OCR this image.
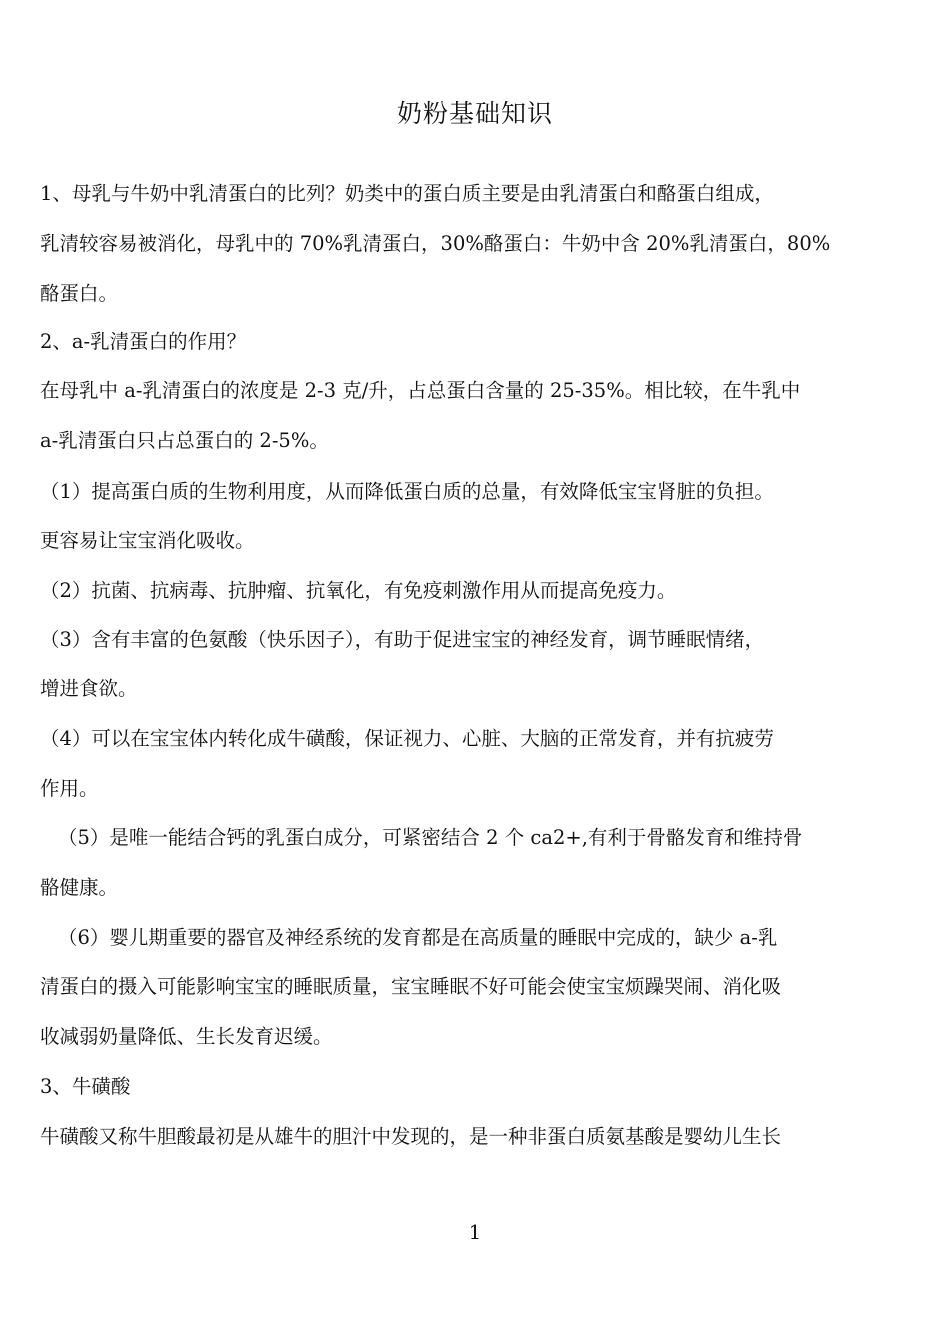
奶粉基础知识
1、母乳与牛奶中乳清蛋白的比列？奶类中的蛋白质主要是由乳清蛋白和酪蛋白组成，
乳清较容易被消化，母乳中的 70%乳清蛋白，30%酪蛋白：牛奶中含 20%乳清蛋白，80%
酪蛋白。
2、a-乳清蛋白的作用？
在母乳中 a-乳清蛋白的浓度是 2-3 克/升，占总蛋白含量的 25-35%。相比较，在牛乳中
a-乳清蛋白只占总蛋白的 2-5%。
（1）提高蛋白质的生物利用度，从而降低蛋白质的总量，有效降低宝宝肾脏的负担。
更容易让宝宝消化吸收。
（2）抗菌、抗病毒、抗肿瘤、抗氧化，有免疫刺激作用从而提高免疫力。
（3）含有丰富的色氨酸（快乐因子），有助于促进宝宝的神经发育，调节睡眠情绪，
增进食欲。
（4）可以在宝宝体内转化成牛磺酸，保证视力、心脏、大脑的正常发育，并有抗疲劳
作用。
（5）是唯一能结合钙的乳蛋白成分，可紧密结合 2 个 ca2+,有利于骨骼发育和维持骨
骼健康。
（6）婴儿期重要的器官及神经系统的发育都是在高质量的睡眠中完成的，缺少 a-乳
清蛋白的摄入可能影响宝宝的睡眠质量，宝宝睡眠不好可能会使宝宝烦躁哭闹、消化吸
收减弱奶量降低、生长发育迟缓。
3、牛磺酸
牛磺酸又称牛胆酸最初是从雄牛的胆汁中发现的，是一种非蛋白质氨基酸是婴幼儿生长
1
